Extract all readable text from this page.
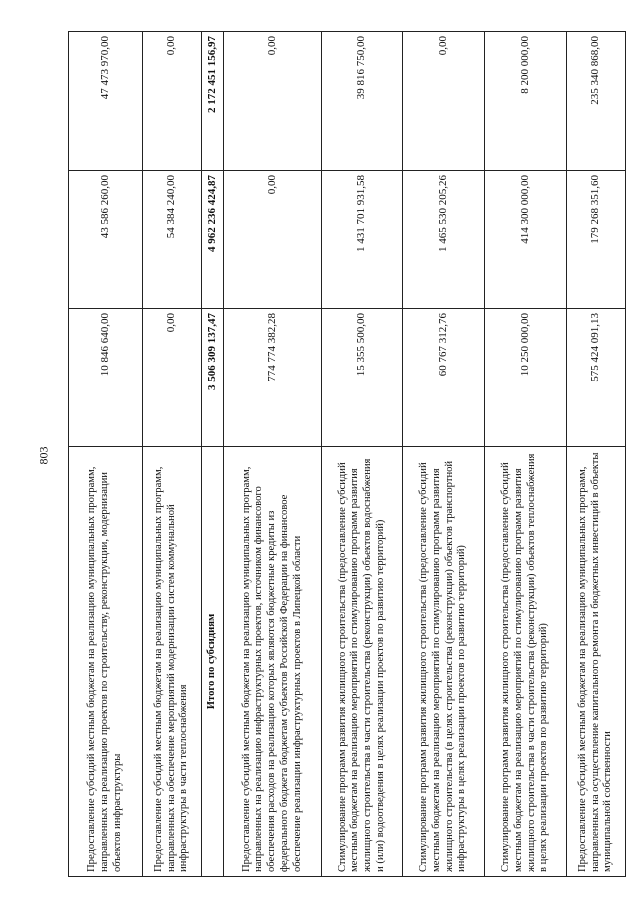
803
Предоставление субсидий местным бюджетам на реализацию муниципальных программ, направленных на реализацию проектов по строительству, реконструкции, модернизации объектов инфраструктуры	10 846 640,00	43 586 260,00	47 473 970,00
Предоставление субсидий местным бюджетам на реализацию муниципальных программ, направленных на обеспечение мероприятий модернизации систем коммунальной инфраструктуры в части теплоснабжения	0,00	54 384 240,00	0,00
Итого по субсидиям	3 506 309 137,47	4 962 236 424,87	2 172 451 156,97
Предоставление субсидий местным бюджетам на реализацию муниципальных программ, направленных на реализацию инфраструктурных проектов, источником финансового обеспечения расходов на реализацию которых являются бюджетные кредиты из федерального бюджета бюджетам субъектов Российской Федерации на финансовое обеспечение реализации инфраструктурных проектов в Липецкой области	774 774 382,28	0,00	0,00
Стимулирование программ развития жилищного строительства (предоставление субсидий местным бюджетам на реализацию мероприятий по стимулированию программ развития жилищного строительства в части строительства (реконструкции) объектов водоснабжения и (или) водоотведения в целях реализации проектов по развитию территорий)	15 355 500,00	1 431 701 931,58	39 816 750,00
Стимулирование программ развития жилищного строительства (предоставление субсидий местным бюджетам на реализацию мероприятий по стимулированию программ развития жилищного строительства (в целях строительства (реконструкции) объектов транспортной инфраструктуры в целях реализации проектов по развитию территорий)	60 767 312,76	1 465 530 205,26	0,00
Стимулирование программ развития жилищного строительства (предоставление субсидий местным бюджетам на реализацию мероприятий по стимулированию программ развития жилищного строительства в части строительства (реконструкции) объектов теплоснабжения в целях реализации проектов по развитию территорий)	10 250 000,00	414 300 000,00	8 200 000,00
Предоставление субсидий местным бюджетам на реализацию муниципальных программ, направленных на осуществление капитального ремонта и бюджетных инвестиций в объекты муниципальной собственности	575 424 091,13	179 268 351,60	235 340 868,00
